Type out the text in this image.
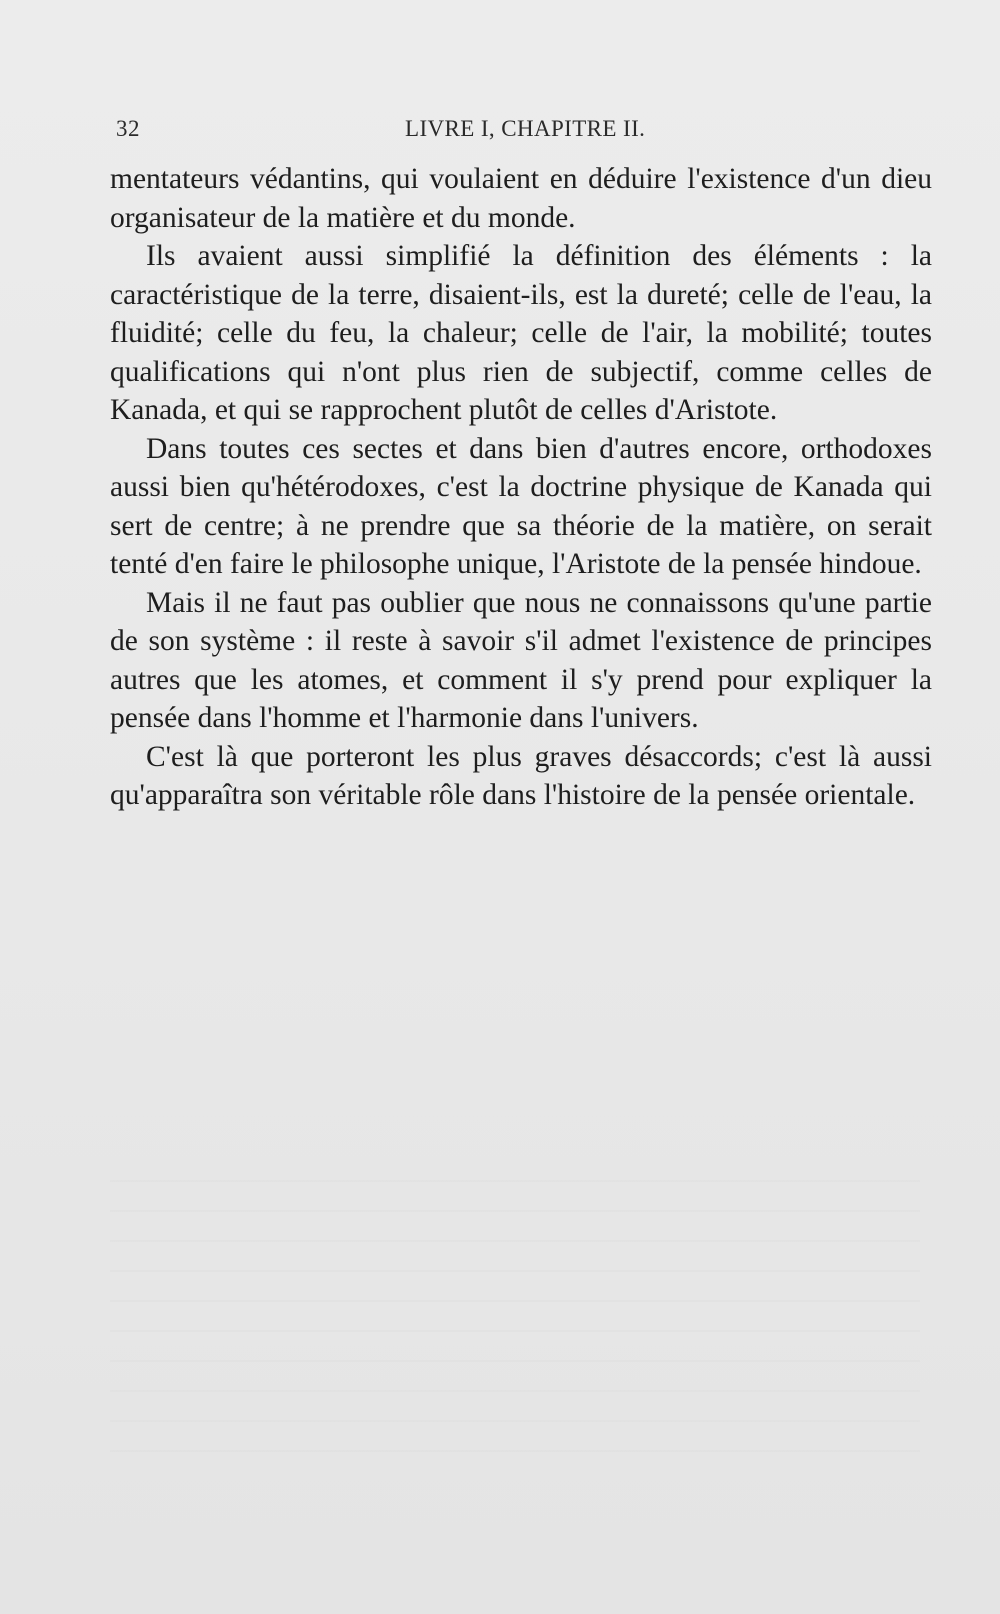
32	LIVRE I, CHAPITRE II.

mentateurs védantins, qui voulaient en déduire l'existence d'un dieu organisateur de la matière et du monde.

Ils avaient aussi simplifié la définition des éléments : la caractéristique de la terre, disaient-ils, est la dureté; celle de l'eau, la fluidité; celle du feu, la chaleur; celle de l'air, la mobilité; toutes qualifications qui n'ont plus rien de subjectif, comme celles de Kanada, et qui se rapprochent plutôt de celles d'Aristote.

Dans toutes ces sectes et dans bien d'autres encore, orthodoxes aussi bien qu'hétérodoxes, c'est la doctrine physique de Kanada qui sert de centre; à ne prendre que sa théorie de la matière, on serait tenté d'en faire le philosophe unique, l'Aristote de la pensée hindoue.

Mais il ne faut pas oublier que nous ne connaissons qu'une partie de son système : il reste à savoir s'il admet l'existence de principes autres que les atomes, et comment il s'y prend pour expliquer la pensée dans l'homme et l'harmonie dans l'univers.

C'est là que porteront les plus graves désaccords; c'est là aussi qu'apparaîtra son véritable rôle dans l'histoire de la pensée orientale.
